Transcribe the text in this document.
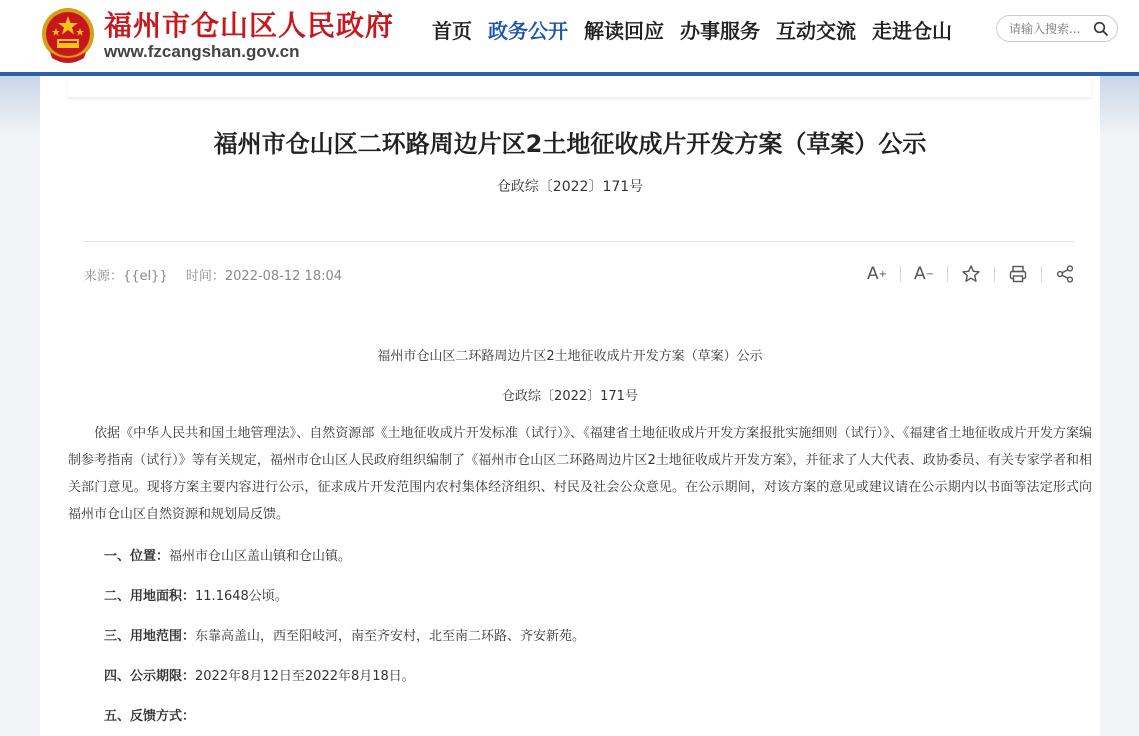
福州市仓山区人民政府
www.fzcangshan.gov.cn
首页 政务公开 解读回应 办事服务 互动交流 走进仓山
请输入搜索...
福州市仓山区二环路周边片区2土地征收成片开发方案（草案）公示
仓政综〔2022〕171号
来源：{{el}} 时间：2022-08-12 18:04	A + A −
福州市仓山区二环路周边片区2土地征收成片开发方案（草案）公示
仓政综〔2022〕171号
依据《中华人民共和国土地管理法》、自然资源部《土地征收成片开发标准（试行）》、《福建省土地征收成片开发方案报批实施细则（试行）》、《福建省土地征收成片开发方案编制参考指南（试行）》等有关规定，福州市仓山区人民政府组织编制了《福州市仓山区二环路周边片区2土地征收成片开发方案》，并征求了人大代表、政协委员、有关专家学者和相关部门意见。现将方案主要内容进行公示，征求成片开发范围内农村集体经济组织、村民及社会公众意见。在公示期间，对该方案的意见或建议请在公示期内以书面等法定形式向福州市仓山区自然资源和规划局反馈。
一、位置：福州市仓山区盖山镇和仓山镇。
二、用地面积：11.1648公顷。
三、用地范围：东靠高盖山，西至阳岐河，南至齐安村，北至南二环路、齐安新苑。
四、公示期限：2022年8月12日至2022年8月18日。
五、反馈方式：
